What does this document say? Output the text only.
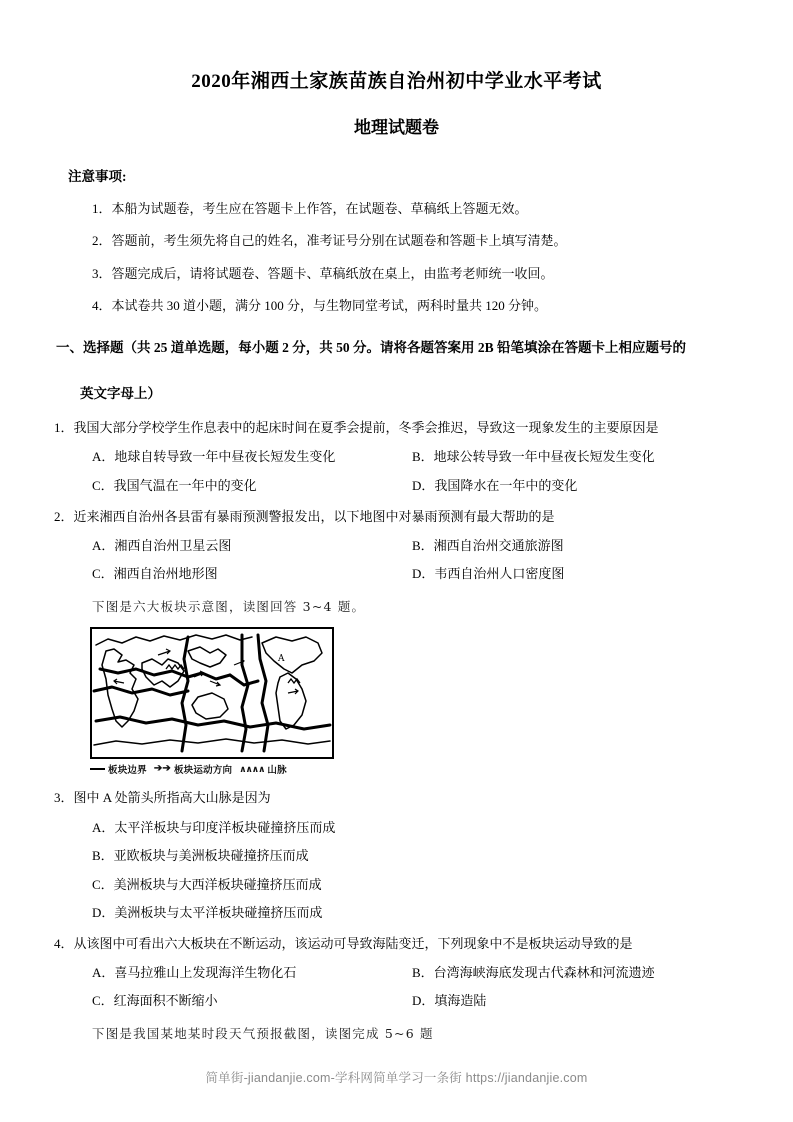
2020年湘西土家族苗族自治州初中学业水平考试
地理试题卷

注意事项:

1．本船为试题卷，考生应在答题卡上作答，在试题卷、草稿纸上答题无效。
2．答题前，考生须先将自己的姓名，准考证号分别在试题卷和答题卡上填写清楚。
3．答题完成后，请将试题卷、答题卡、草稿纸放在桌上，由监考老师统一收回。
4．本试卷共 30 道小题，满分 100 分，与生物同堂考试，两科时量共 120 分钟。

一、选择题（共 25 道单选题，每小题 2 分，共 50 分。请将各题答案用 2B 铅笔填涂在答题卡上相应题号的

英文字母上）

1．我国大部分学校学生作息表中的起床时间在夏季会提前，冬季会推迟，导致这一现象发生的主要原因是
A．地球自转导致一年中昼夜长短发生变化	B．地球公转导致一年中昼夜长短发生变化
C．我国气温在一年中的变化	D．我国降水在一年中的变化
2．近来湘西自治州各县雷有暴雨预测警报发出，以下地图中对暴雨预测有最大帮助的是
A．湘西自治州卫星云图	B．湘西自治州交通旅游图
C．湘西自治州地形图	D．韦西自治州人口密度图

下图是六大板块示意图，读图回答 3~4 题。

A
板块边界 ➔➔ 板块运动方向 ∧∧∧∧ 山脉
3．图中 A 处箭头所指高大山脉是因为
A．太平洋板块与印度洋板块碰撞挤压而成
B．亚欧板块与美洲板块碰撞挤压而成
C．美洲板块与大西洋板块碰撞挤压而成
D．美洲板块与太平洋板块碰撞挤压而成
4．从该图中可看出六大板块在不断运动，该运动可导致海陆变迁，下列现象中不是板块运动导致的是
A．喜马拉雅山上发现海洋生物化石	B．台湾海峡海底发现古代森林和河流遗迹
C．红海面积不断缩小	D．填海造陆

下图是我国某地某时段天气预报截图，读图完成 5~6 题

简单街-jiandanjie.com-学科网简单学习一条街 https://jiandanjie.com
